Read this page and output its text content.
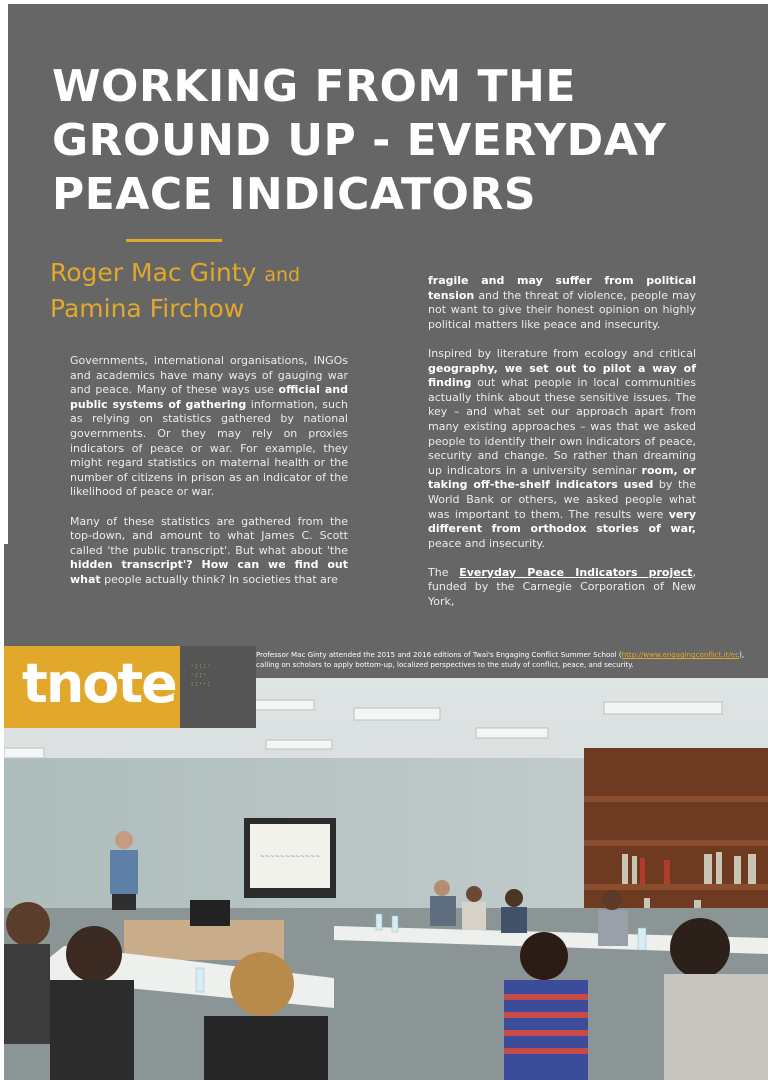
WORKING FROM THE GROUND UP - EVERYDAY PEACE INDICATORS
Roger Mac Ginty and
Pamina Firchow

Governments, international organisations, INGOs and academics have many ways of gauging war and peace. Many of these ways use official and public systems of gathering information, such as relying on statistics gathered by national governments. Or they may rely on proxies indicators of peace or war. For example, they might regard statistics on maternal health or the number of citizens in prison as an indicator of the likelihood of peace or war.

Many of these statistics are gathered from the top-down, and amount to what James C. Scott called 'the public transcript'. But what about 'the hidden transcript'? How can we find out what people actually think? In societies that are

fragile and may suffer from political tension and the threat of violence, people may not want to give their honest opinion on highly political matters like peace and insecurity.

Inspired by literature from ecology and critical geography, we set out to pilot a way of finding out what people in local communities actually think about these sensitive issues. The key – and what set our approach apart from many existing approaches – was that we asked people to identify their own indicators of peace, security and change. So rather than dreaming up indicators in a university seminar room, or taking off-the-shelf indicators used by the World Bank or others, we asked people what was important to them. The results were very different from orthodox stories of war, peace and insecurity.

The Everyday Peace Indicators project, funded by the Carnegie Corporation of New York,

tnote ·:::·
·::·
::··:
Professor Mac Ginty attended the 2015 and 2016 editions of Twai's Engaging Conflict Summer School (http://www.engagingconflict.it/ec), calling on scholars to apply bottom-up, localized perspectives to the study of conflict, peace, and security.
~~~~~~~~~~~~
